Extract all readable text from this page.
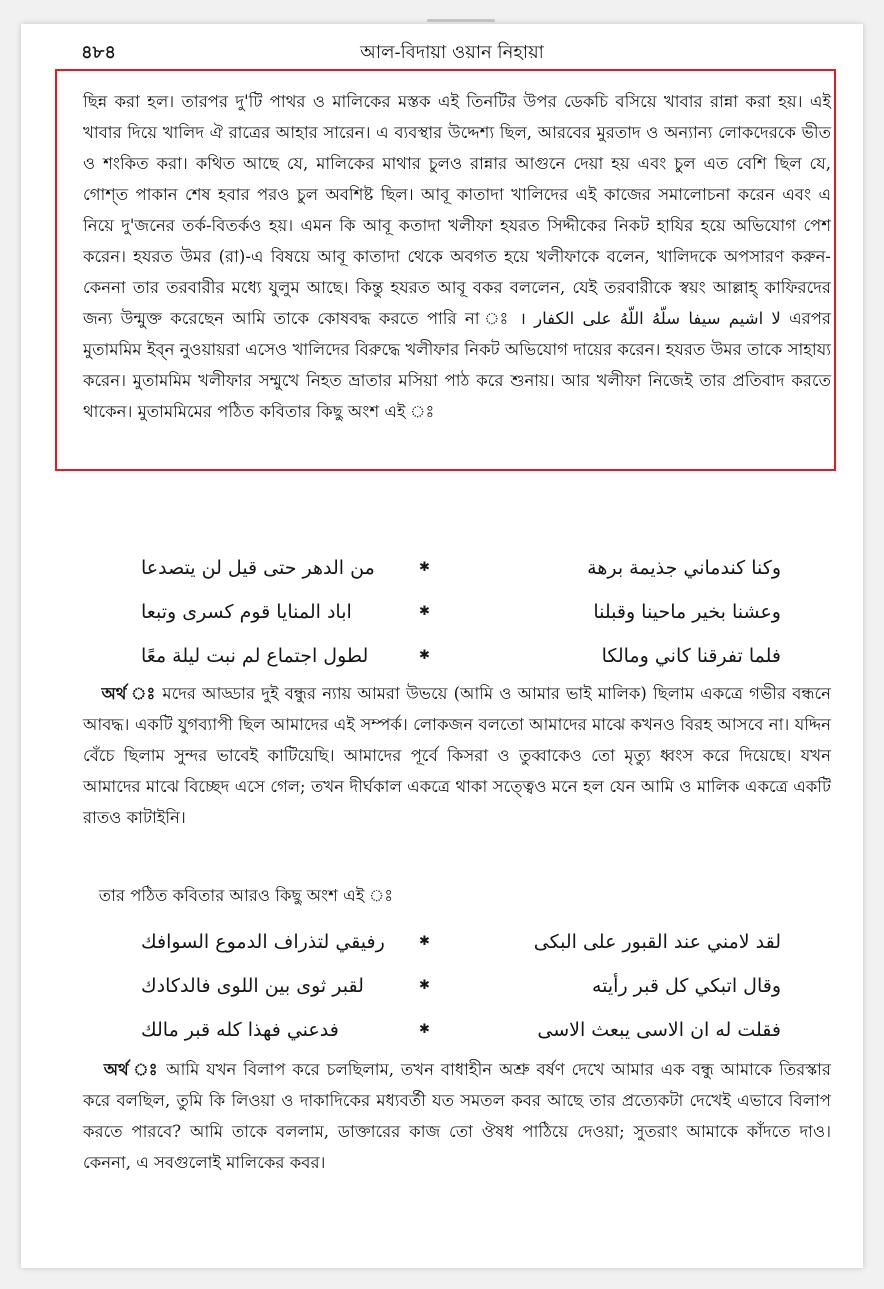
৪৮৪	আল-বিদায়া ওয়ান নিহায়া

ছিন্ন করা হল। তারপর দু'টি পাথর ও মালিকের মস্তক এই তিনটির উপর ডেকচি বসিয়ে খাবার রান্না করা হয়। এই খাবার দিয়ে খালিদ ঐ রাত্রের আহার সারেন। এ ব্যবস্থার উদ্দেশ্য ছিল, আরবের মুরতাদ ও অন্যান্য লোকদেরকে ভীত ও শংকিত করা। কথিত আছে যে, মালিকের মাথার চুলও রান্নার আগুনে দেয়া হয় এবং চুল এত বেশি ছিল যে, গোশ্‌ত পাকান শেষ হবার পরও চুল অবশিষ্ট ছিল। আবূ কাতাদা খালিদের এই কাজের সমালোচনা করেন এবং এ নিয়ে দু'জনের তর্ক-বিতর্কও হয়। এমন কি আবূ কতাদা খলীফা হযরত সিদ্দীকের নিকট হাযির হয়ে অভিযোগ পেশ করেন। হযরত উমর (রা)-এ বিষয়ে আবূ কাতাদা থেকে অবগত হয়ে খলীফাকে বলেন, খালিদকে অপসারণ করুন-কেননা তার তরবারীর মধ্যে যুলুম আছে। কিন্তু হযরত আবূ বকর বললেন, যেই তরবারীকে স্বয়ং আল্লাহ্‌ কাফিরদের জন্য উন্মুক্ত করেছেন আমি তাকে কোষবদ্ধ করতে পারি না ঃ لا اشيم سيفا سلّهُ اللّهُ على الكفار । এরপর মুতামমিম ইব্‌ন নুওয়ায়রা এসেও খালিদের বিরুদ্ধে খলীফার নিকট অভিযোগ দায়ের করেন। হযরত উমর তাকে সাহায্য করেন। মুতামমিম খলীফার সম্মুখে নিহত ভ্রাতার মসিয়া পাঠ করে শুনায়। আর খলীফা নিজেই তার প্রতিবাদ করতে থাকেন। মুতামমিমের পঠিত কবিতার কিছু অংশ এই ঃ

وكنا كندماني جذيمة برهة
✱
من الدهر حتى قيل لن يتصدعا
وعشنا بخير ماحينا وقبلنا
✱
اباد المنايا قوم كسرى وتبعا
فلما تفرقنا كاني ومالكا
✱
لطول اجتماع لم نبت ليلة معًا

অর্থ ঃ মদের আড্ডার দুই বন্ধুর ন্যায় আমরা উভয়ে (আমি ও আমার ভাই মালিক) ছিলাম একত্রে গভীর বন্ধনে আবদ্ধ। একটি যুগব্যাপী ছিল আমাদের এই সম্পর্ক। লোকজন বলতো আমাদের মাঝে কখনও বিরহ আসবে না। যদ্দিন বেঁচে ছিলাম সুন্দর ভাবেই কাটিয়েছি। আমাদের পূর্বে কিসরা ও তুব্বাকেও তো মৃত্যু ধ্বংস করে দিয়েছে। যখন আমাদের মাঝে বিচ্ছেদ এসে গেল; তখন দীর্ঘকাল একত্রে থাকা সত্ত্বেও মনে হল যেন আমি ও মালিক একত্রে একটি রাতও কাটাইনি।

তার পঠিত কবিতার আরও কিছু অংশ এই ঃ

لقد لامني عند القبور على البكى
✱
رفيقي لتذراف الدموع السوافك
وقال اتبكي كل قبر رأيته
✱
لقبر ثوى بين اللوى فالدكادك
فقلت له ان الاسى يبعث الاسى
✱
فدعني فهذا كله قبر مالك

অর্থ ঃ আমি যখন বিলাপ করে চলছিলাম, তখন বাধাহীন অশ্রু বর্ষণ দেখে আমার এক বন্ধু আমাকে তিরস্কার করে বলছিল, তুমি কি লিওয়া ও দাকাদিকের মধ্যবর্তী যত সমতল কবর আছে তার প্রত্যেকটা দেখেই এভাবে বিলাপ করতে পারবে? আমি তাকে বললাম, ডাক্তারের কাজ তো ঔষধ পাঠিয়ে দেওয়া; সুতরাং আমাকে কাঁদতে দাও। কেননা, এ সবগুলোই মালিকের কবর।
